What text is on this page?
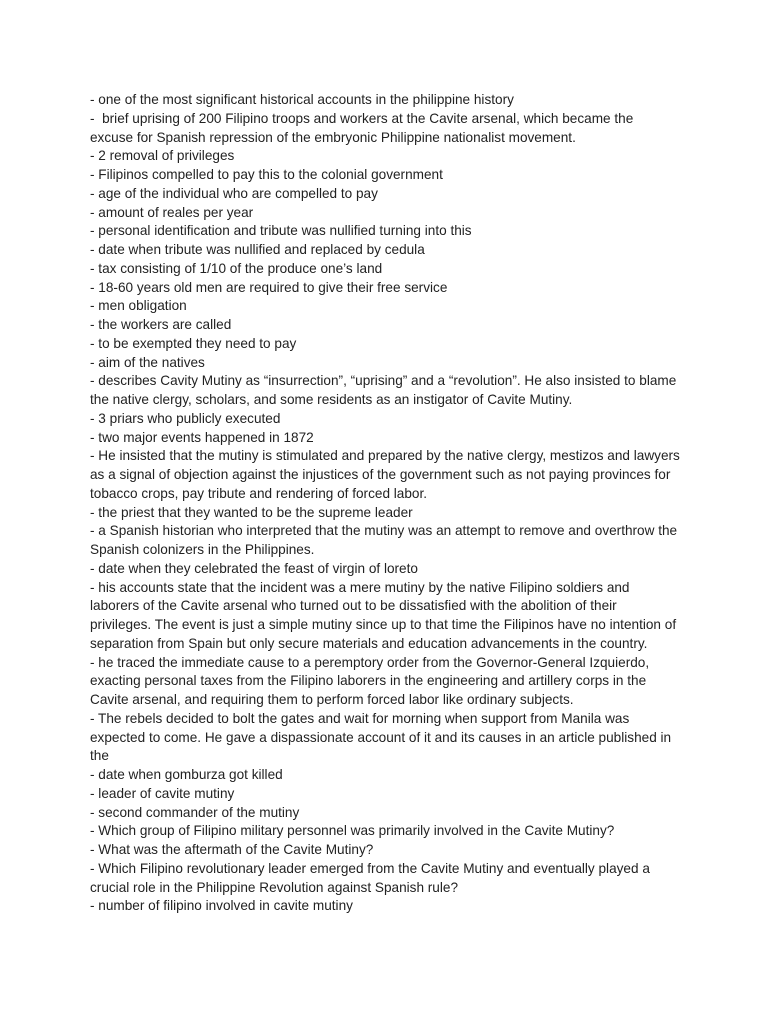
- one of the most significant historical accounts in the philippine history

-  brief uprising of 200 Filipino troops and workers at the Cavite arsenal, which became the excuse for Spanish repression of the embryonic Philippine nationalist movement.

- 2 removal of privileges

- Filipinos compelled to pay this to the colonial government

- age of the individual who are compelled to pay

- amount of reales per year

- personal identification and tribute was nullified turning into this

- date when tribute was nullified and replaced by cedula

- tax consisting of 1/10 of the produce one’s land

- 18-60 years old men are required to give their free service

- men obligation

- the workers are called

- to be exempted they need to pay

- aim of the natives

- describes Cavity Mutiny as “insurrection”, “uprising” and a “revolution”. He also insisted to blame the native clergy, scholars, and some residents as an instigator of Cavite Mutiny.

- 3 priars who publicly executed

- two major events happened in 1872

- He insisted that the mutiny is stimulated and prepared by the native clergy, mestizos and lawyers as a signal of objection against the injustices of the government such as not paying provinces for tobacco crops, pay tribute and rendering of forced labor.

- the priest that they wanted to be the supreme leader

- a Spanish historian who interpreted that the mutiny was an attempt to remove and overthrow the Spanish colonizers in the Philippines.

- date when they celebrated the feast of virgin of loreto

- his accounts state that the incident was a mere mutiny by the native Filipino soldiers and laborers of the Cavite arsenal who turned out to be dissatisfied with the abolition of their privileges. The event is just a simple mutiny since up to that time the Filipinos have no intention of separation from Spain but only secure materials and education advancements in the country.

- he traced the immediate cause to a peremptory order from the Governor-General Izquierdo, exacting personal taxes from the Filipino laborers in the engineering and artillery corps in the Cavite arsenal, and requiring them to perform forced labor like ordinary subjects.

- The rebels decided to bolt the gates and wait for morning when support from Manila was expected to come. He gave a dispassionate account of it and its causes in an article published in the

- date when gomburza got killed

- leader of cavite mutiny

- second commander of the mutiny

- Which group of Filipino military personnel was primarily involved in the Cavite Mutiny?

- What was the aftermath of the Cavite Mutiny?

- Which Filipino revolutionary leader emerged from the Cavite Mutiny and eventually played a crucial role in the Philippine Revolution against Spanish rule?

- number of filipino involved in cavite mutiny
